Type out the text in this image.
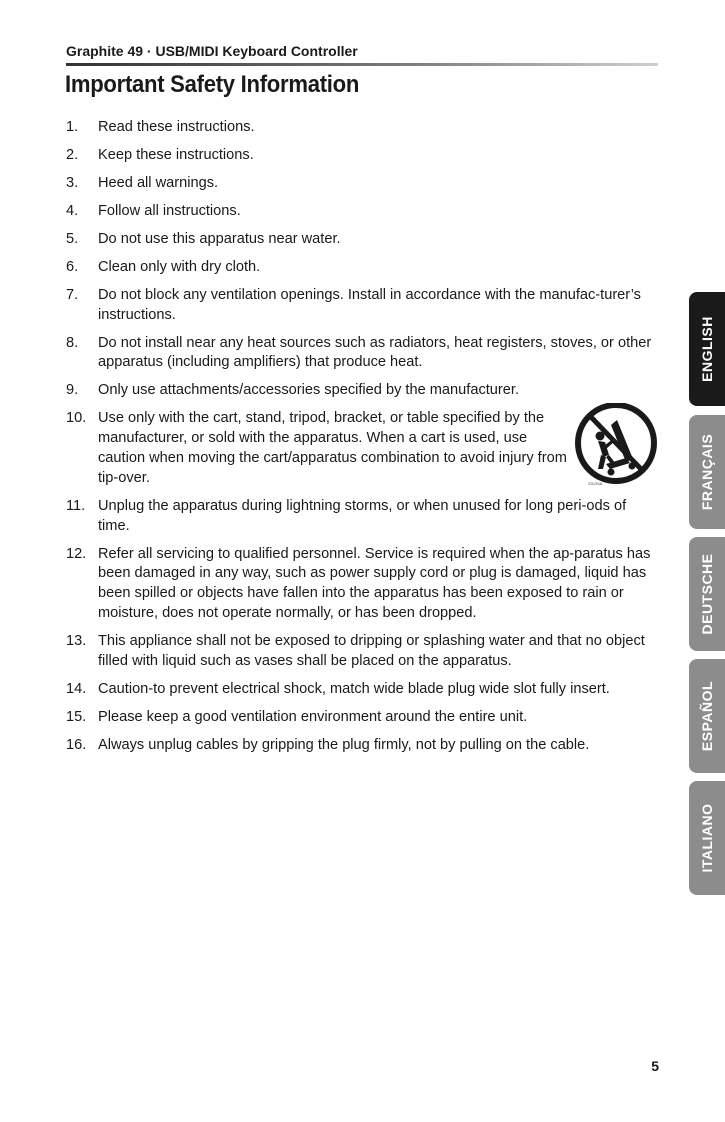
Graphite 49 · USB/MIDI Keyboard Controller
Important Safety Information
1. Read these instructions.
2. Keep these instructions.
3. Heed all warnings.
4. Follow all instructions.
5. Do not use this apparatus near water.
6. Clean only with dry cloth.
7. Do not block any ventilation openings. Install in accordance with the manufac-turer’s instructions.
8. Do not install near any heat sources such as radiators, heat registers, stoves, or other apparatus (including amplifiers) that produce heat.
9. Only use attachments/accessories specified by the manufacturer.
10. Use only with the cart, stand, tripod, bracket, or table specified by the manufacturer, or sold with the apparatus. When a cart is used, use caution when moving the cart/apparatus combination to avoid injury from tip-over.	S3125A
11. Unplug the apparatus during lightning storms, or when unused for long peri-ods of time.
12. Refer all servicing to qualified personnel. Service is required when the ap-paratus has been damaged in any way, such as power supply cord or plug is damaged, liquid has been spilled or objects have fallen into the apparatus has been exposed to rain or moisture, does not operate normally, or has been dropped.
13. This appliance shall not be exposed to dripping or splashing water and that no object filled with liquid such as vases shall be placed on the apparatus.
14. Caution-to prevent electrical shock, match wide blade plug wide slot fully insert.
15. Please keep a good ventilation environment around the entire unit.
16. Always unplug cables by gripping the plug firmly, not by pulling on the cable.
ENGLISH
FRANÇAIS
DEUTSCHE
ESPAÑOL
ITALIANO
5
